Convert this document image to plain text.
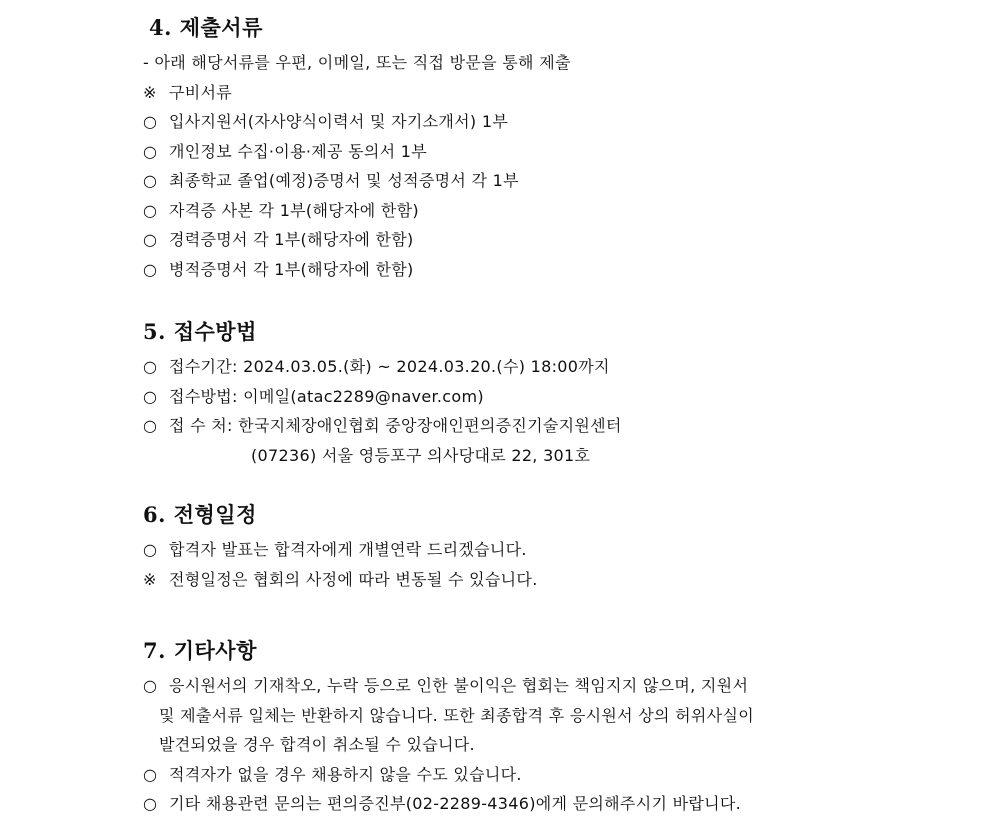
4. 제출서류
- 아래 해당서류를 우편, 이메일, 또는 직접 방문을 통해 제출
※ 구비서류
○ 입사지원서(자사양식이력서 및 자기소개서) 1부
○ 개인정보 수집·이용·제공 동의서 1부
○ 최종학교 졸업(예정)증명서 및 성적증명서 각 1부
○ 자격증 사본 각 1부(해당자에 한함)
○ 경력증명서 각 1부(해당자에 한함)
○ 병적증명서 각 1부(해당자에 한함)
5. 접수방법
○ 접수기간: 2024.03.05.(화) ~ 2024.03.20.(수) 18:00까지
○ 접수방법: 이메일(atac2289@naver.com)
○ 접 수 처: 한국지체장애인협회 중앙장애인편의증진기술지원센터
(07236) 서울 영등포구 의사당대로 22, 301호
6. 전형일정
○ 합격자 발표는 합격자에게 개별연락 드리겠습니다.
※ 전형일정은 협회의 사정에 따라 변동될 수 있습니다.
7. 기타사항
○ 응시원서의 기재착오, 누락 등으로 인한 불이익은 협회는 책임지지 않으며, 지원서
및 제출서류 일체는 반환하지 않습니다. 또한 최종합격 후 응시원서 상의 허위사실이
발견되었을 경우 합격이 취소될 수 있습니다.
○ 적격자가 없을 경우 채용하지 않을 수도 있습니다.
○ 기타 채용관련 문의는 편의증진부(02-2289-4346)에게 문의해주시기 바랍니다.
